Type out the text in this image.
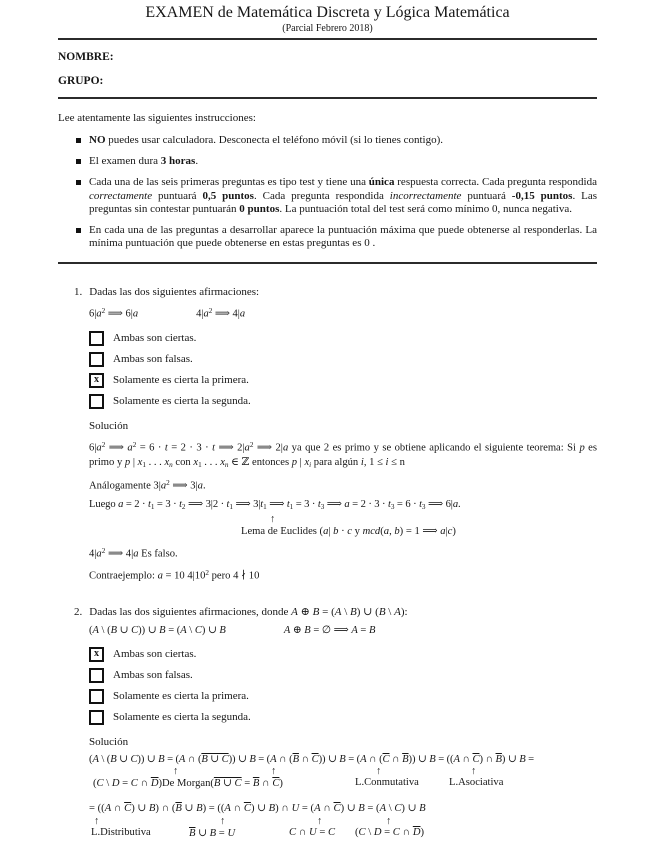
EXAMEN de Matemática Discreta y Lógica Matemática
(Parcial Febrero 2018)
NOMBRE:
GRUPO:
Lee atentamente las siguientes instrucciones:
NO puedes usar calculadora. Desconecta el teléfono móvil (si lo tienes contigo).
El examen dura 3 horas.
Cada una de las seis primeras preguntas es tipo test y tiene una única respuesta correcta. Cada pregunta respondida correctamente puntuará 0,5 puntos. Cada pregunta respondida incorrectamente puntuará -0,15 puntos. Las preguntas sin contestar puntuarán 0 puntos. La puntuación total del test será como mínimo 0, nunca negativa.
En cada una de las preguntas a desarrollar aparece la puntuación máxima que puede obtenerse al responderlas. La mínima puntuación que puede obtenerse en estas preguntas es 0 .
1. Dadas las dos siguientes afirmaciones:
$6|a^2$ ⟹ 6|a	$4|a^2$ ⟹ 4|a
Ambas son ciertas.
Ambas son falsas.
x Solamente es cierta la primera.
Solamente es cierta la segunda.
Solución
$6|a^2$ ⟹ $a^2 = 6 \cdot t = 2 \cdot 3 \cdot t$ ⟹ $2|a^2$ ⟹ 2|a ya que 2 es primo y se obtiene aplicando el siguiente teorema: Si p es primo y p | $x_1$ . . . $x_n$ con $x_1$ . . . $x_n$ ∈ ℤ entonces p | $x_i$ para algún i, 1 ≤ i ≤ n
Análogamente $3|a^2$ ⟹ 3|a.
Luego $a = 2 \cdot t_1 = 3 \cdot t_2$ ⟹ $3|2 \cdot t_1$ ⟹ $3|t_1$ ⟹ $t_1 = 3 \cdot t_3$ ⟹ $a = 2 \cdot 3 \cdot t_3 = 6 \cdot t_3$ ⟹ 6|a.
↑
Lema de Euclides (a| b · c y mcd(a, b) = 1 ⟹ a|c)
$4|a^2$ ⟹ 4|a Es falso.
Contraejemplo: a = 10 $4|10^2$ pero 4 ∤ 10
2. Dadas las dos siguientes afirmaciones, donde A ⊕ B = (A \ B) ∪ (B \ A):
(A \ (B ∪ C)) ∪ B = (A \ C) ∪ B	A ⊕ B = ∅ ⟹ A = B
x Ambas son ciertas.
Ambas son falsas.
Solamente es cierta la primera.
Solamente es cierta la segunda.
Solución
(A \ (B ∪ C)) ∪ B = (A ∩ (B ∪ C)) ∪ B = (A ∩ ($\overline{B}$ ∩ $\overline{C}$)) ∪ B = (A ∩ ($\overline{C}$ ∩ $\overline{B}$)) ∪ B = ((A ∩ $\overline{C}$) ∩ $\overline{B}$) ∪ B =
↑	↑	↑	↑
(C \ D = C ∩ $\overline{D})De$ Morgan(B ∪ $C = \overline{B}$ ∩ $\overline{C}$)	L.Conmutativa	L.Asociativa
= ((A ∩ $\overline{C}$) ∪ B) ∩ ($\overline{B}$ ∪ B) = ((A ∩ $\overline{C}$) ∪ B) ∩ U = (A ∩ $\overline{C}$) ∪ B = (A \ C) ∪ B
↑	↑	↑	↑
L.Distributiva	$\overline{B}$ ∪ B = U	C ∩ U = C (C \ D = C ∩ $\overline{D}$)
